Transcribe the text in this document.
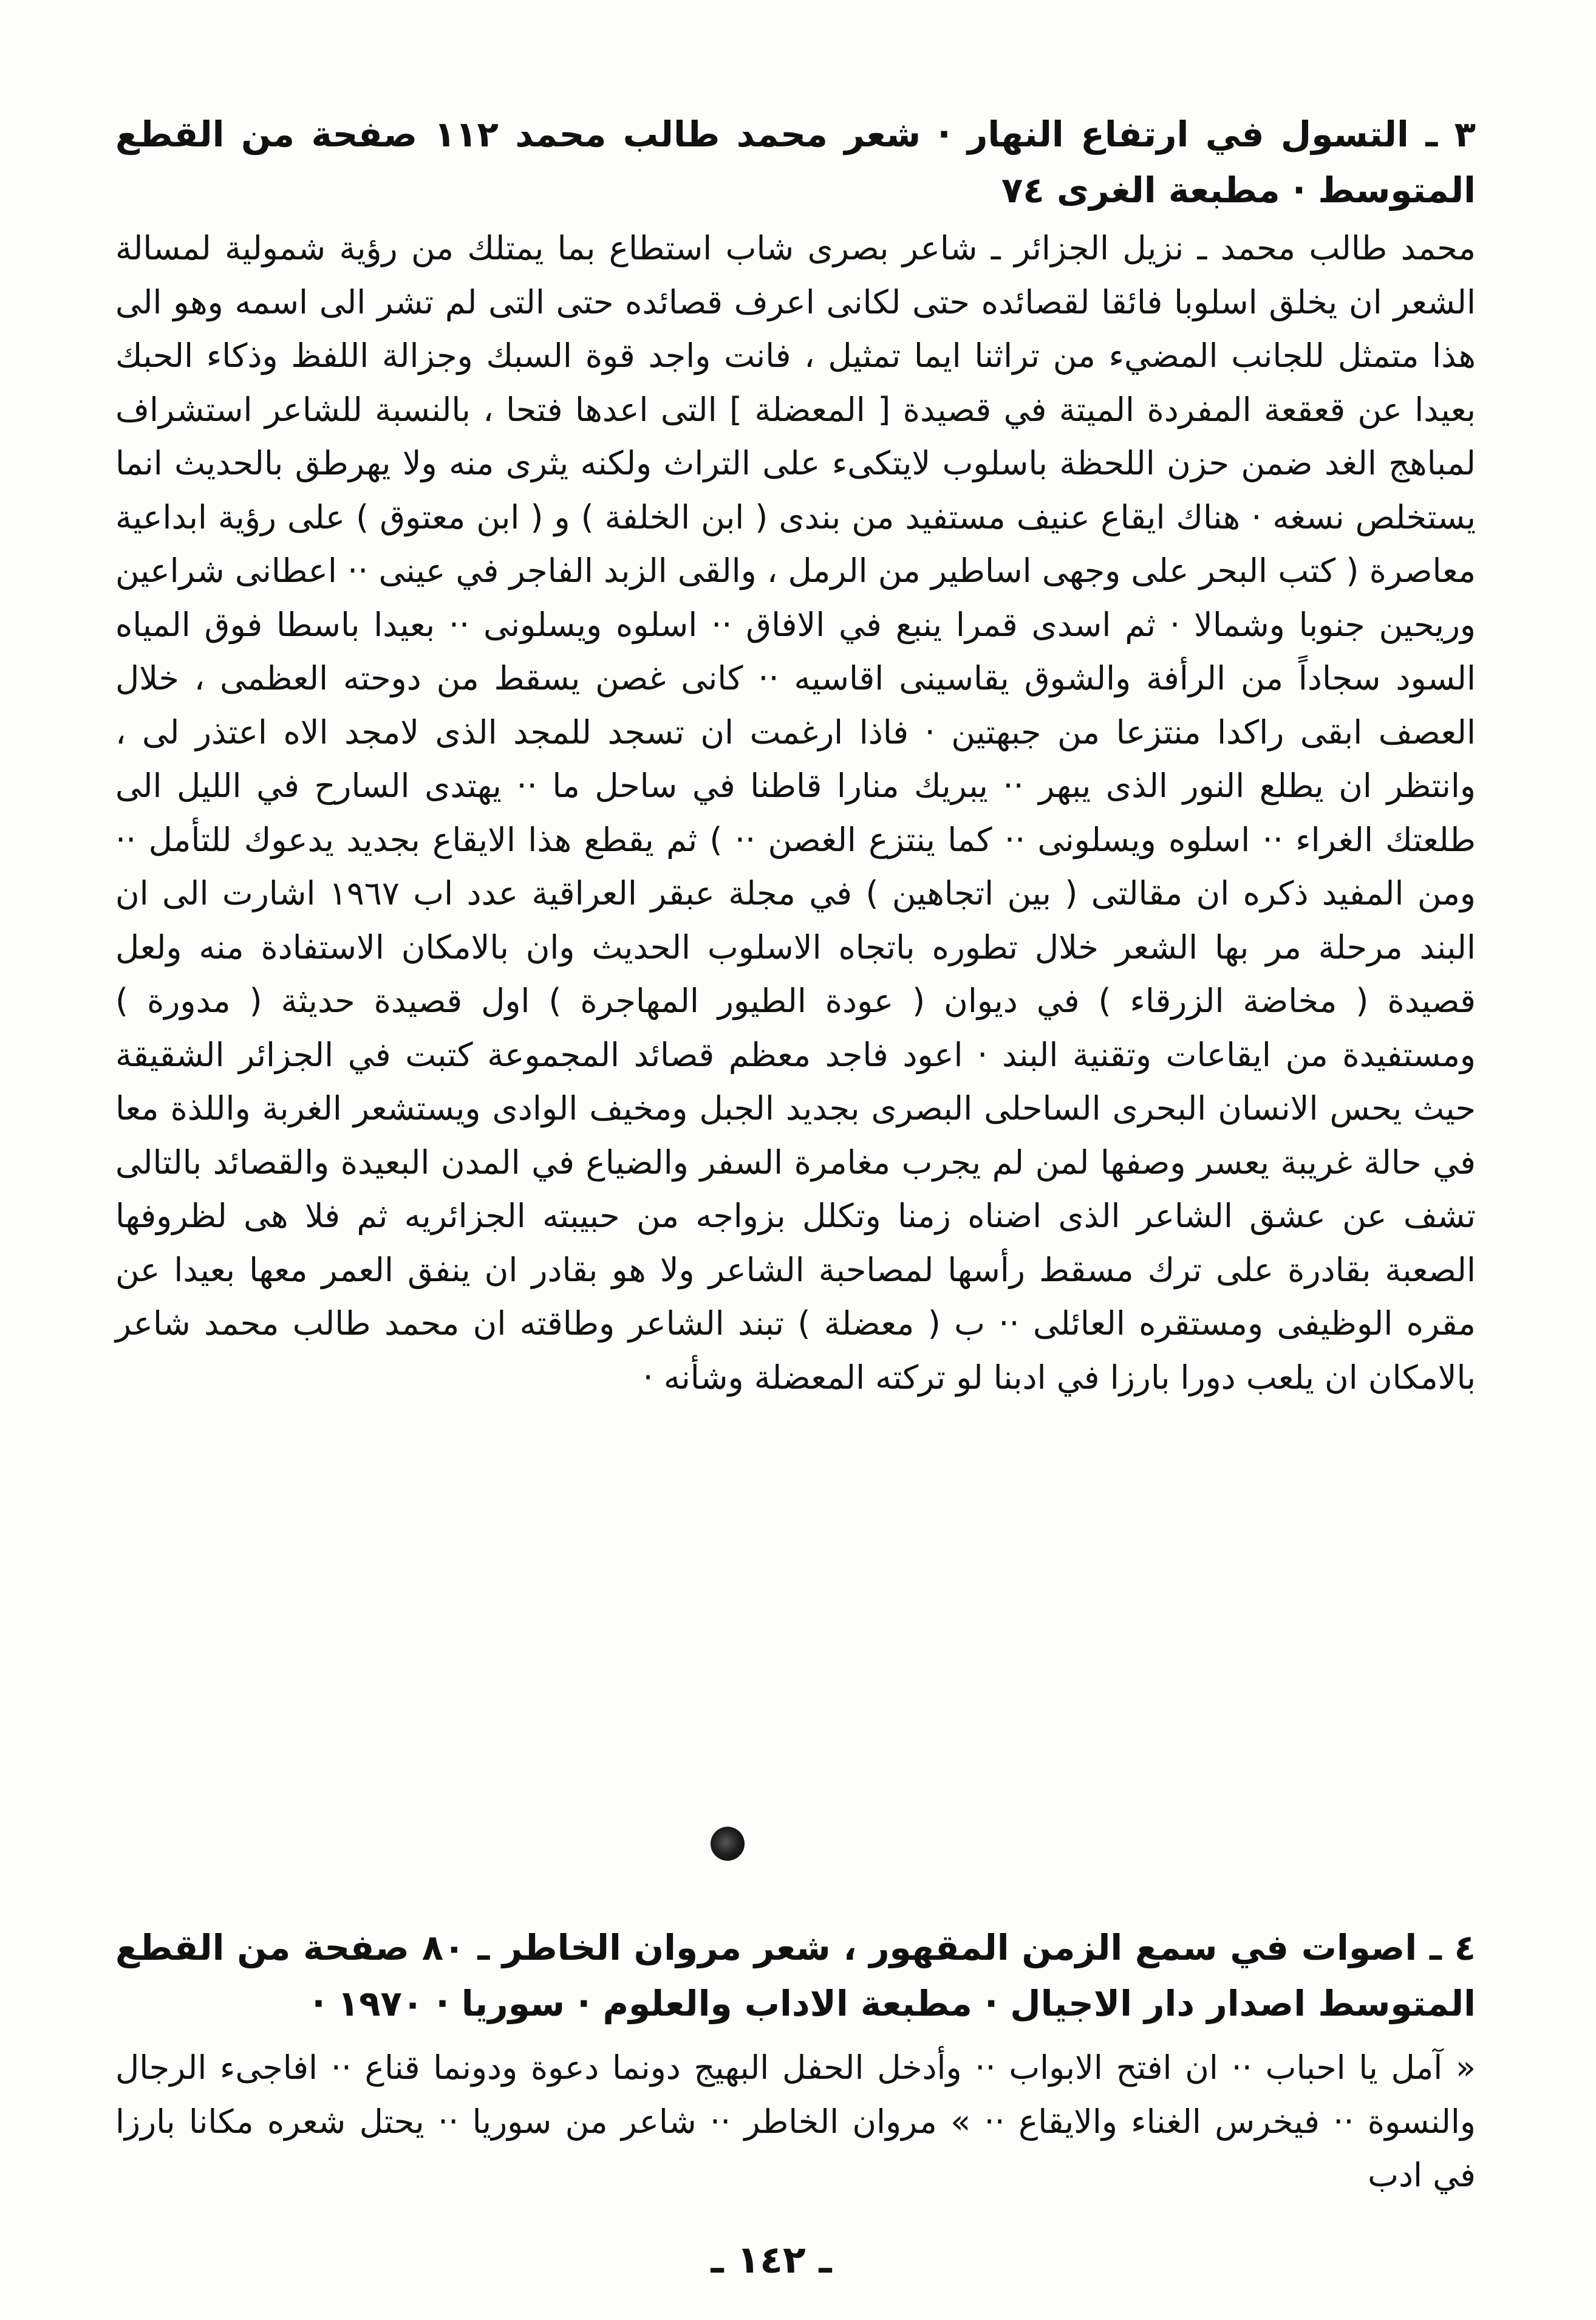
٣ ـ التسول في ارتفاع النهار · شعر محمد طالب محمد ١١٢ صفحة من القطع المتوسط · مطبعة الغرى ٧٤

محمد طالب محمد ـ نزيل الجزائر ـ شاعر بصرى شاب استطاع بما يمتلك من رؤية شمولية لمسالة الشعر ان يخلق اسلوبا فائقا لقصائده حتى لكانى اعرف قصائده حتى التى لم تشر الى اسمه وهو الى هذا متمثل للجانب المضيء من تراثنا ايما تمثيل ، فانت واجد قوة السبك وجزالة اللفظ وذكاء الحبك بعيدا عن قعقعة المفردة الميتة في قصيدة [ المعضلة ] التى اعدها فتحا ، بالنسبة للشاعر استشراف لمباهج الغد ضمن حزن اللحظة باسلوب لايتكىء على التراث ولكنه يثرى منه ولا يهرطق بالحديث انما يستخلص نسغه · هناك ايقاع عنيف مستفيد من بندى ( ابن الخلفة ) و ( ابن معتوق ) على رؤية ابداعية معاصرة ( كتب البحر على وجهى اساطير من الرمل ، والقى الزبد الفاجر في عينى ·· اعطانى شراعين وريحين جنوبا وشمالا · ثم اسدى قمرا ينبع في الافاق ·· اسلوه ويسلونى ·· بعيدا باسطا فوق المياه السود سجاداً من الرأفة والشوق يقاسينى اقاسيه ·· كانى غصن يسقط من دوحته العظمى ، خلال العصف ابقى راكدا منتزعا من جبهتين · فاذا ارغمت ان تسجد للمجد الذى لامجد الاه اعتذر لى ، وانتظر ان يطلع النور الذى يبهر ·· يبريك منارا قاطنا في ساحل ما ·· يهتدى السارح في الليل الى طلعتك الغراء ·· اسلوه ويسلونى ·· كما ينتزع الغصن ·· ) ثم يقطع هذا الايقاع بجديد يدعوك للتأمل ·· ومن المفيد ذكره ان مقالتى ( بين اتجاهين ) في مجلة عبقر العراقية عدد اب ١٩٦٧ اشارت الى ان البند مرحلة مر بها الشعر خلال تطوره باتجاه الاسلوب الحديث وان بالامكان الاستفادة منه ولعل قصيدة ( مخاضة الزرقاء ) في ديوان ( عودة الطيور المهاجرة ) اول قصيدة حديثة ( مدورة ) ومستفيدة من ايقاعات وتقنية البند · اعود فاجد معظم قصائد المجموعة كتبت في الجزائر الشقيقة حيث يحس الانسان البحرى الساحلى البصرى بجديد الجبل ومخيف الوادى ويستشعر الغربة واللذة معا في حالة غريبة يعسر وصفها لمن لم يجرب مغامرة السفر والضياع في المدن البعيدة والقصائد بالتالى تشف عن عشق الشاعر الذى اضناه زمنا وتكلل بزواجه من حبيبته الجزائريه ثم فلا هى لظروفها الصعبة بقادرة على ترك مسقط رأسها لمصاحبة الشاعر ولا هو بقادر ان ينفق العمر معها بعيدا عن مقره الوظيفى ومستقره العائلى ·· ب ( معضلة ) تبند الشاعر وطاقته ان محمد طالب محمد شاعر بالامكان ان يلعب دورا بارزا في ادبنا لو تركته المعضلة وشأنه ·

٤ ـ اصوات في سمع الزمن المقهور ، شعر مروان الخاطر ـ ٨٠ صفحة من القطع المتوسط اصدار دار الاجيال · مطبعة الاداب والعلوم · سوريا · ١٩٧٠ ·

« آمل يا احباب ·· ان افتح الابواب ·· وأدخل الحفل البهيج دونما دعوة ودونما قناع ·· افاجىء الرجال والنسوة ·· فيخرس الغناء والايقاع ·· » مروان الخاطر ·· شاعر من سوريا ·· يحتل شعره مكانا بارزا في ادب

ـ ١٤٢ ـ
